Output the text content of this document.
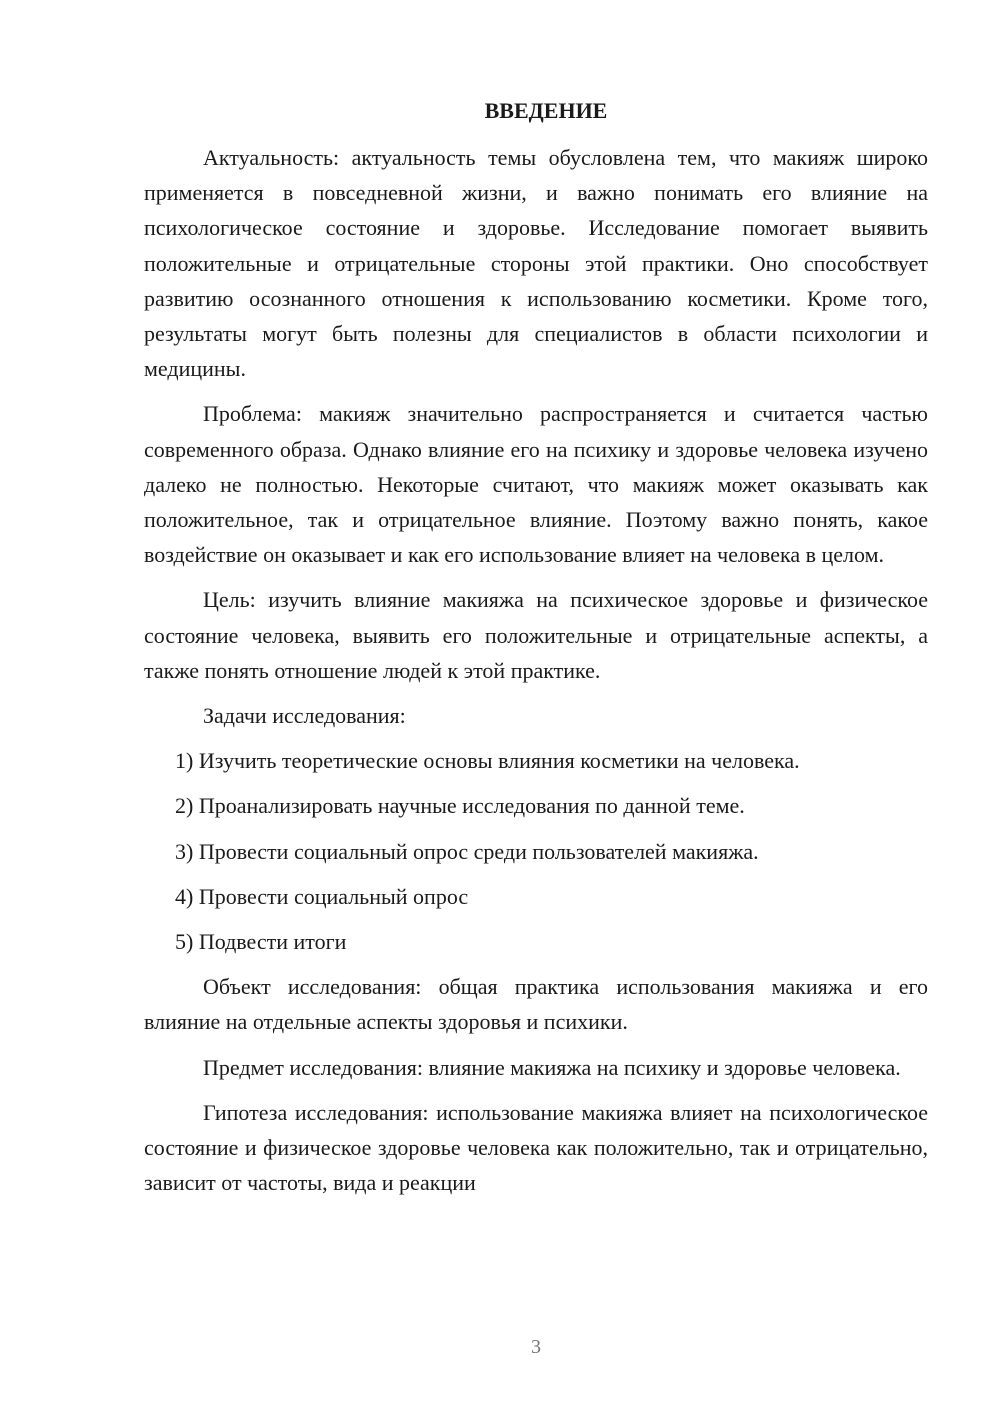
ВВЕДЕНИЕ

Актуальность: актуальность темы обусловлена тем, что макияж широко применяется в повседневной жизни, и важно понимать его влияние на психологическое состояние и здоровье. Исследование помогает выявить положительные и отрицательные стороны этой практики. Оно способствует развитию осознанного отношения к использованию косметики. Кроме того, результаты могут быть полезны для специалистов в области психологии и медицины.

Проблема: макияж значительно распространяется и считается частью современного образа. Однако влияние его на психику и здоровье человека изучено далеко не полностью. Некоторые считают, что макияж может оказывать как положительное, так и отрицательное влияние. Поэтому важно понять, какое воздействие он оказывает и как его использование влияет на человека в целом.

Цель: изучить влияние макияжа на психическое здоровье и физическое состояние человека, выявить его положительные и отрицательные аспекты, а также понять отношение людей к этой практике.

Задачи исследования:

1) Изучить теоретические основы влияния косметики на человека.

2) Проанализировать научные исследования по данной теме.

3) Провести социальный опрос среди пользователей макияжа.

4) Провести социальный опрос

5) Подвести итоги

Объект исследования: общая практика использования макияжа и его влияние на отдельные аспекты здоровья и психики.

Предмет исследования: влияние макияжа на психику и здоровье человека.

Гипотеза исследования: использование макияжа влияет на психологическое состояние и физическое здоровье человека как положительно, так и отрицательно, зависит от частоты, вида и реакции

3
